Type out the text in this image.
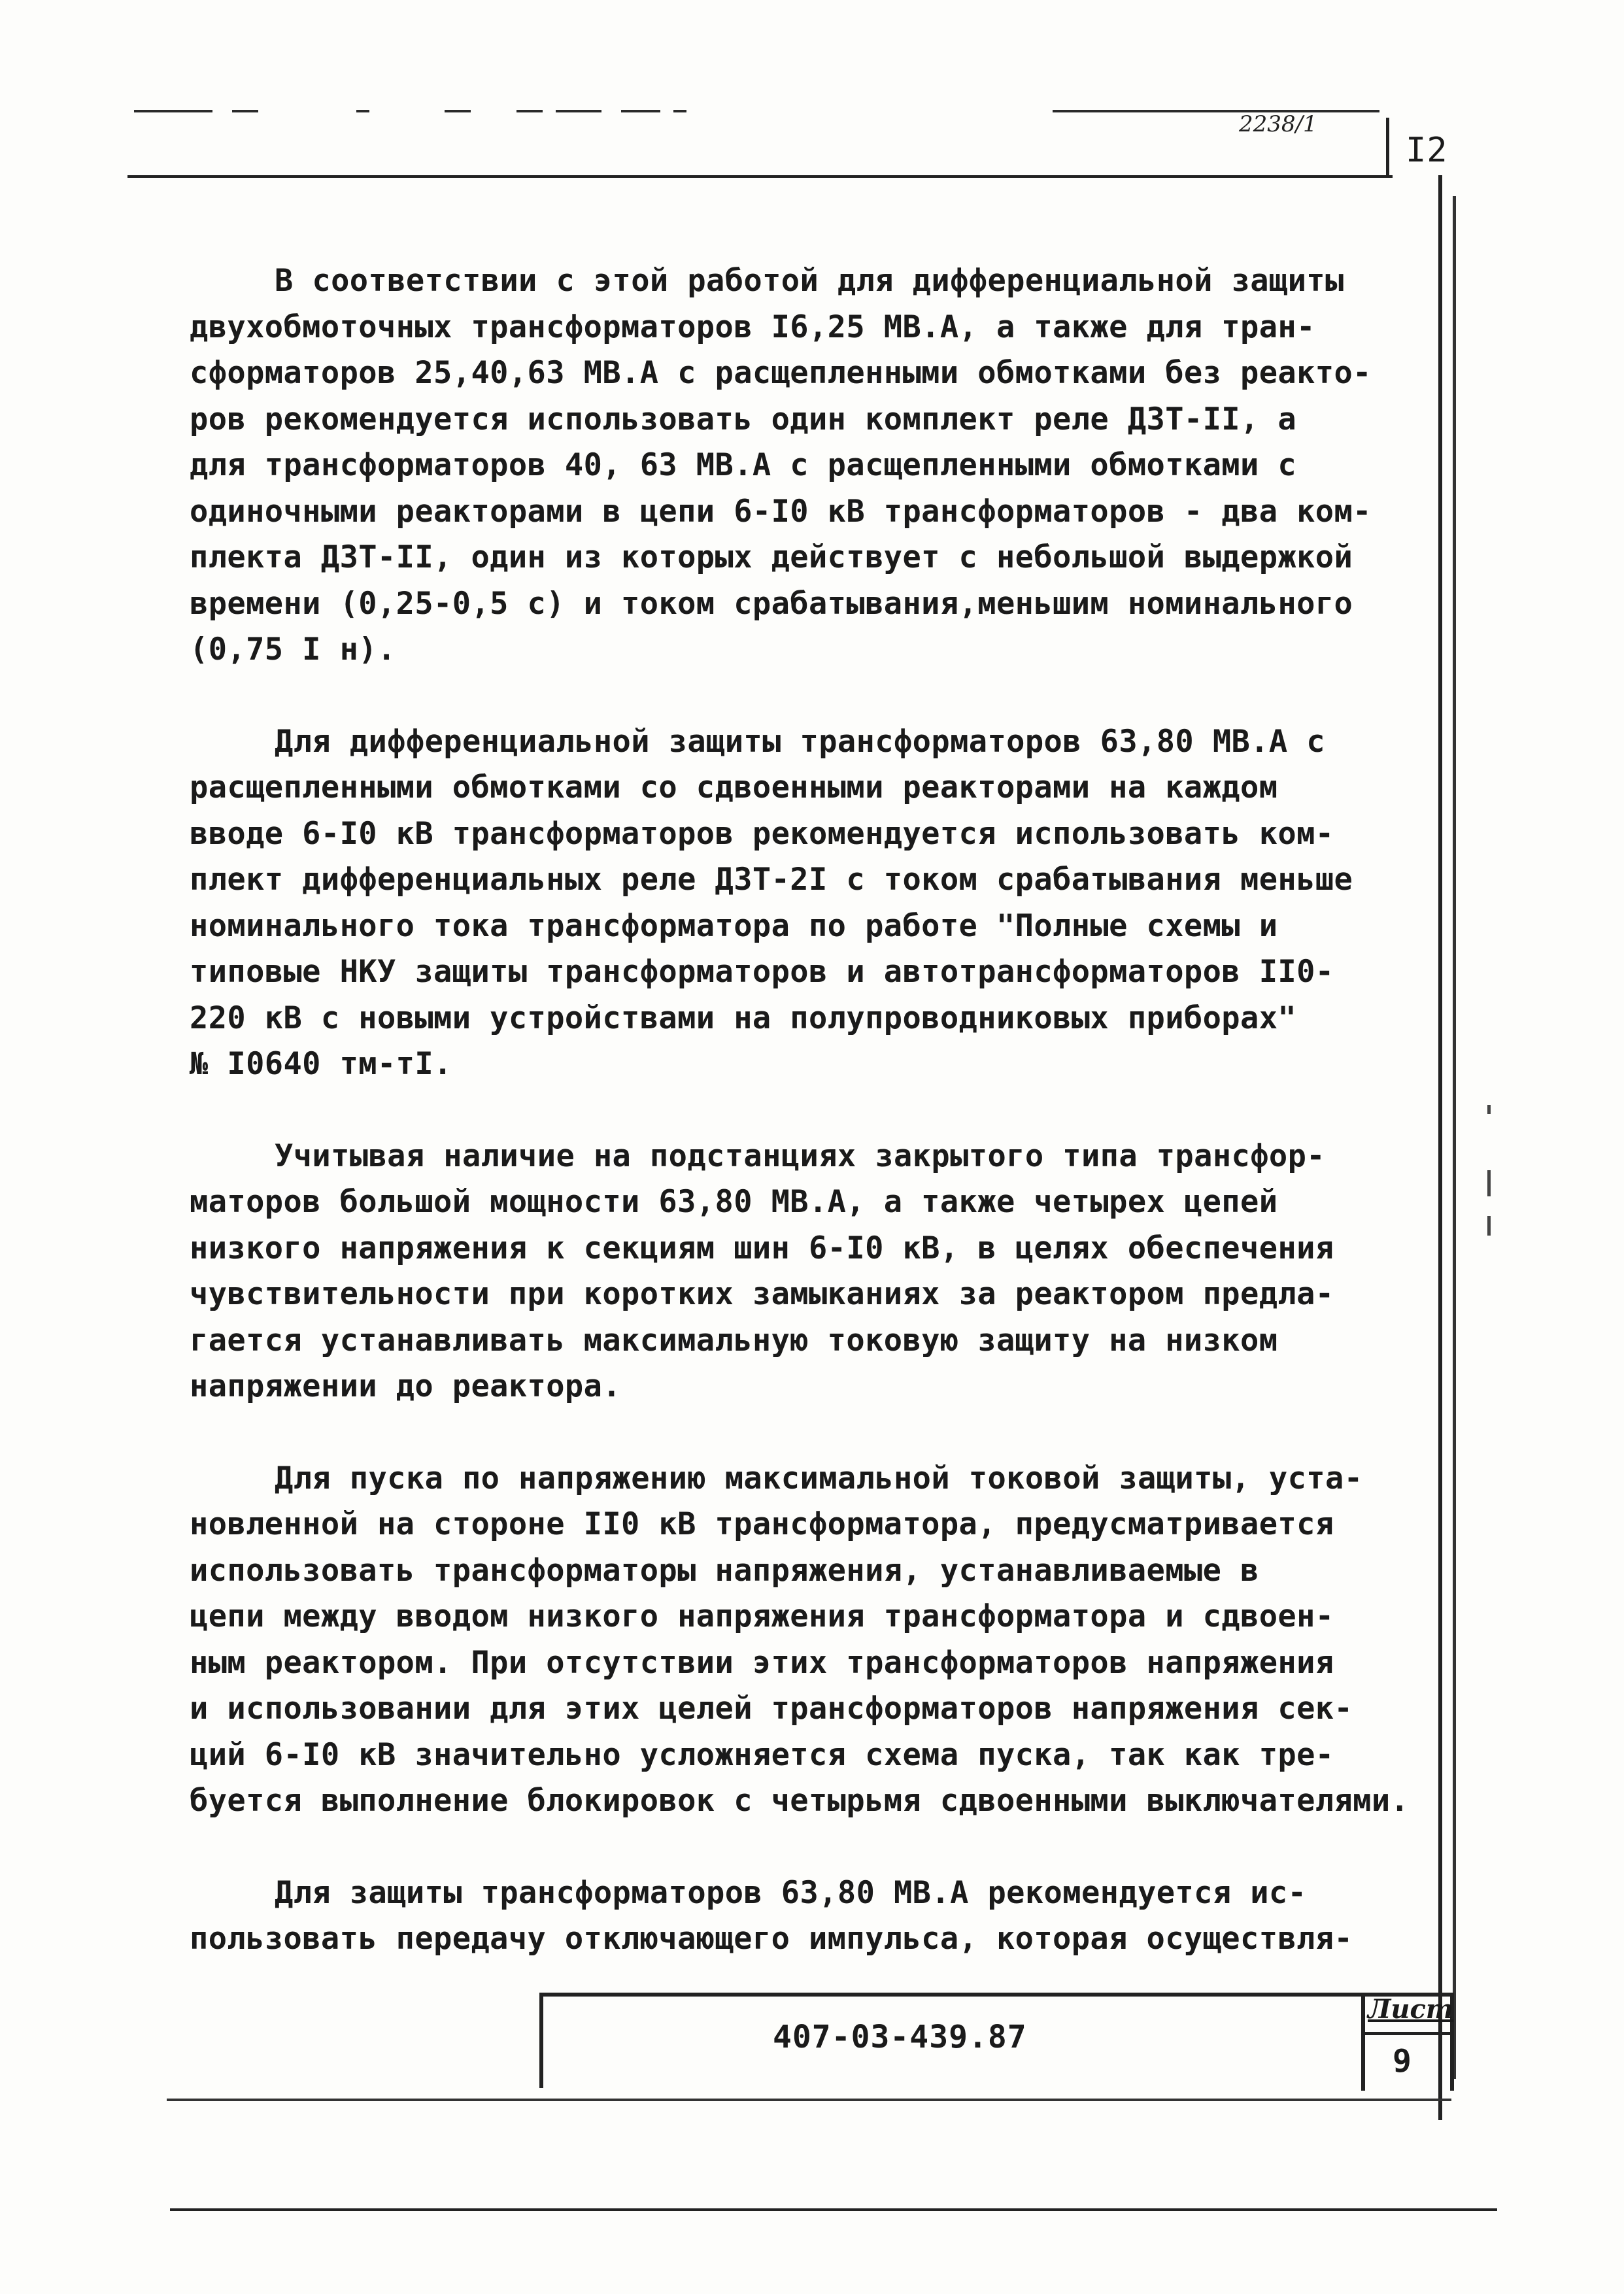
2238/1
I2
В соответствии с этой работой для дифференциальной защиты
двухобмоточных трансформаторов I6,25 МВ.А, а также для тран-
сформаторов 25,40,63 МВ.А с расщепленными обмотками без реакто-
ров рекомендуется использовать один комплект реле ДЗТ-II, а
для трансформаторов 40, 63 МВ.А с расщепленными обмотками с
одиночными реакторами в цепи 6-I0 кВ трансформаторов - два ком-
плекта ДЗТ-II, один из которых действует с небольшой выдержкой
времени (0,25-0,5 с) и током срабатывания,меньшим номинального
(0,75 I н).
Для дифференциальной защиты трансформаторов 63,80 МВ.А с
расщепленными обмотками со сдвоенными реакторами на каждом
вводе 6-I0 кВ трансформаторов рекомендуется использовать ком-
плект дифференциальных реле ДЗТ-2I с током срабатывания меньше
номинального тока трансформатора по работе "Полные схемы и
типовые НКУ защиты трансформаторов и автотрансформаторов II0-
220 кВ с новыми устройствами на полупроводниковых приборах"
№ I0640 тм-тI.
Учитывая наличие на подстанциях закрытого типа трансфор-
маторов большой мощности 63,80 МВ.А, а также четырех цепей
низкого напряжения к секциям шин 6-I0 кВ, в целях обеспечения
чувствительности при коротких замыканиях за реактором предла-
гается устанавливать максимальную токовую защиту на низком
напряжении до реактора.
Для пуска по напряжению максимальной токовой защиты, уста-
новленной на стороне II0 кВ трансформатора, предусматривается
использовать трансформаторы напряжения, устанавливаемые в
цепи между вводом низкого напряжения трансформатора и сдвоен-
ным реактором. При отсутствии этих трансформаторов напряжения
и использовании для этих целей трансформаторов напряжения сек-
ций 6-I0 кВ значительно усложняется схема пуска, так как тре-
буется выполнение блокировок с четырьмя сдвоенными выключателями.
Для защиты трансформаторов 63,80 МВ.А рекомендуется ис-
пользовать передачу отключающего импульса, которая осуществля-
407-03-439.87
Лист
9
